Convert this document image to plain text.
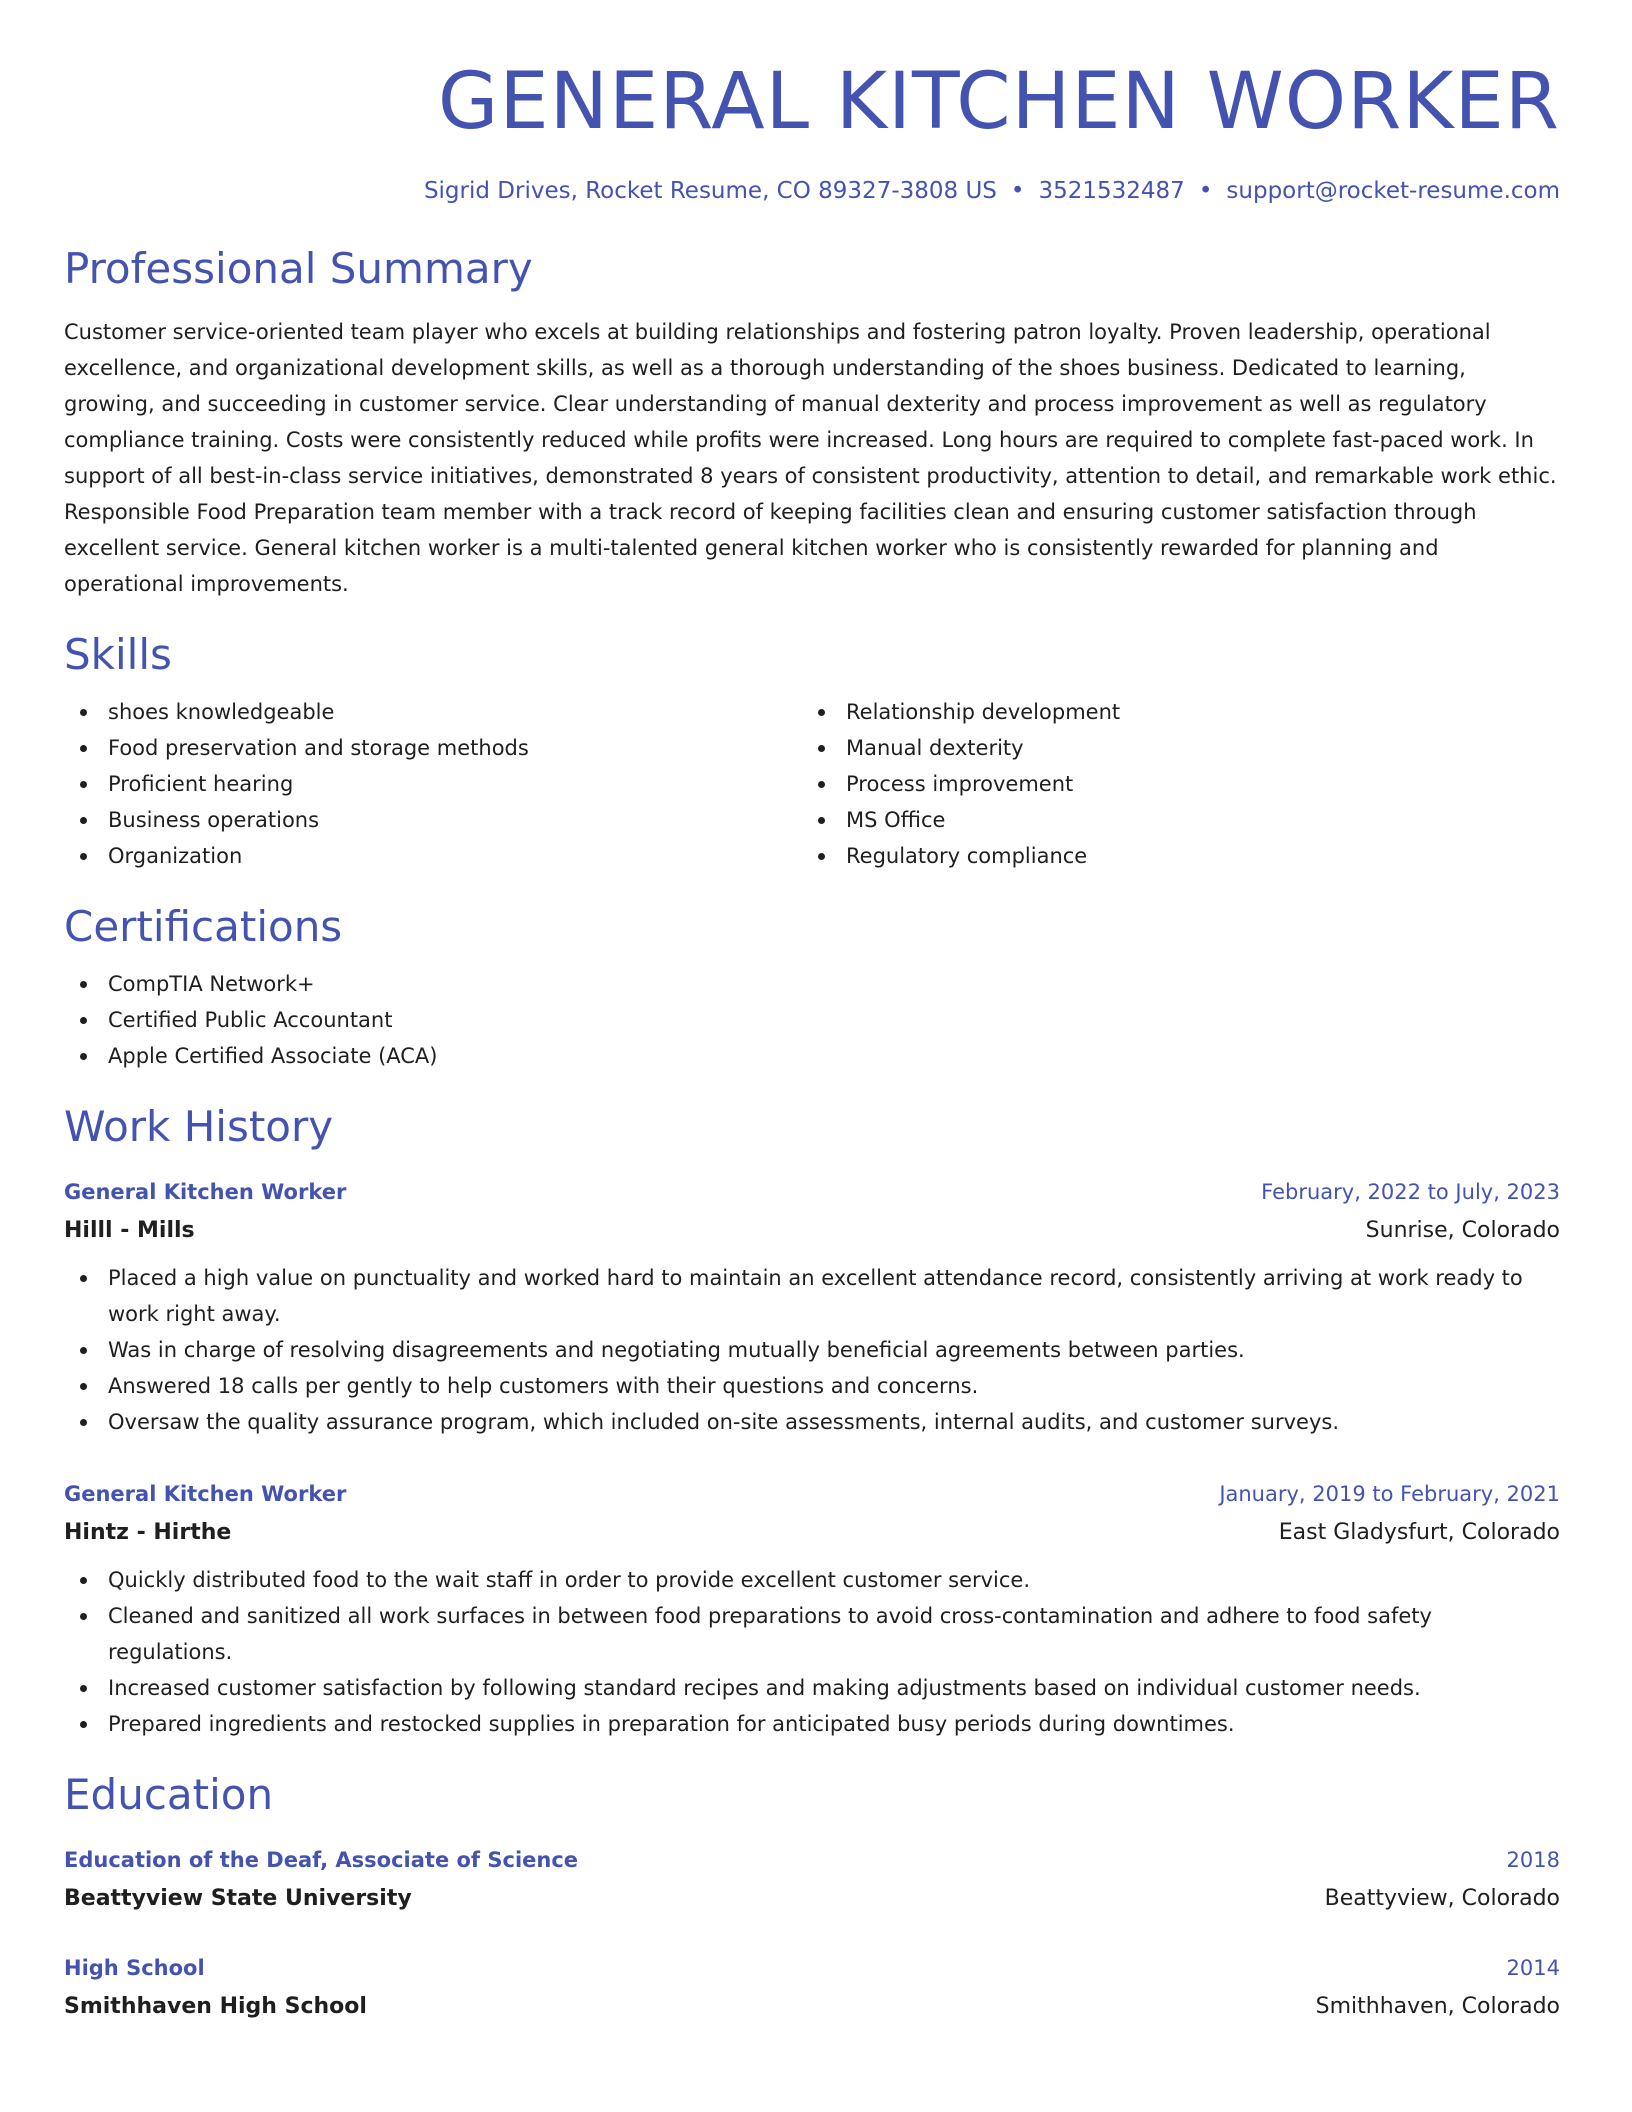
GENERAL KITCHEN WORKER
Sigrid Drives, Rocket Resume, CO 89327-3808 US • 3521532487 • support@rocket-resume.com
Professional Summary
Customer service-oriented team player who excels at building relationships and fostering patron loyalty. Proven leadership, operational excellence, and organizational development skills, as well as a thorough understanding of the shoes business. Dedicated to learning, growing, and succeeding in customer service. Clear understanding of manual dexterity and process improvement as well as regulatory compliance training. Costs were consistently reduced while profits were increased. Long hours are required to complete fast-paced work. In support of all best-in-class service initiatives, demonstrated 8 years of consistent productivity, attention to detail, and remarkable work ethic. Responsible Food Preparation team member with a track record of keeping facilities clean and ensuring customer satisfaction through excellent service. General kitchen worker is a multi-talented general kitchen worker who is consistently rewarded for planning and operational improvements.
Skills
shoes knowledgeable
Food preservation and storage methods
Proficient hearing
Business operations
Organization
Relationship development
Manual dexterity
Process improvement
MS Office
Regulatory compliance
Certifications
CompTIA Network+
Certified Public Accountant
Apple Certified Associate (ACA)
Work History
General Kitchen Worker	February, 2022 to July, 2023
Hilll - Mills	Sunrise, Colorado
Placed a high value on punctuality and worked hard to maintain an excellent attendance record, consistently arriving at work ready to work right away.
Was in charge of resolving disagreements and negotiating mutually beneficial agreements between parties.
Answered 18 calls per gently to help customers with their questions and concerns.
Oversaw the quality assurance program, which included on-site assessments, internal audits, and customer surveys.
General Kitchen Worker	January, 2019 to February, 2021
Hintz - Hirthe	East Gladysfurt, Colorado
Quickly distributed food to the wait staff in order to provide excellent customer service.
Cleaned and sanitized all work surfaces in between food preparations to avoid cross-contamination and adhere to food safety regulations.
Increased customer satisfaction by following standard recipes and making adjustments based on individual customer needs.
Prepared ingredients and restocked supplies in preparation for anticipated busy periods during downtimes.
Education
Education of the Deaf, Associate of Science	2018
Beattyview State University	Beattyview, Colorado
High School	2014
Smithhaven High School	Smithhaven, Colorado
